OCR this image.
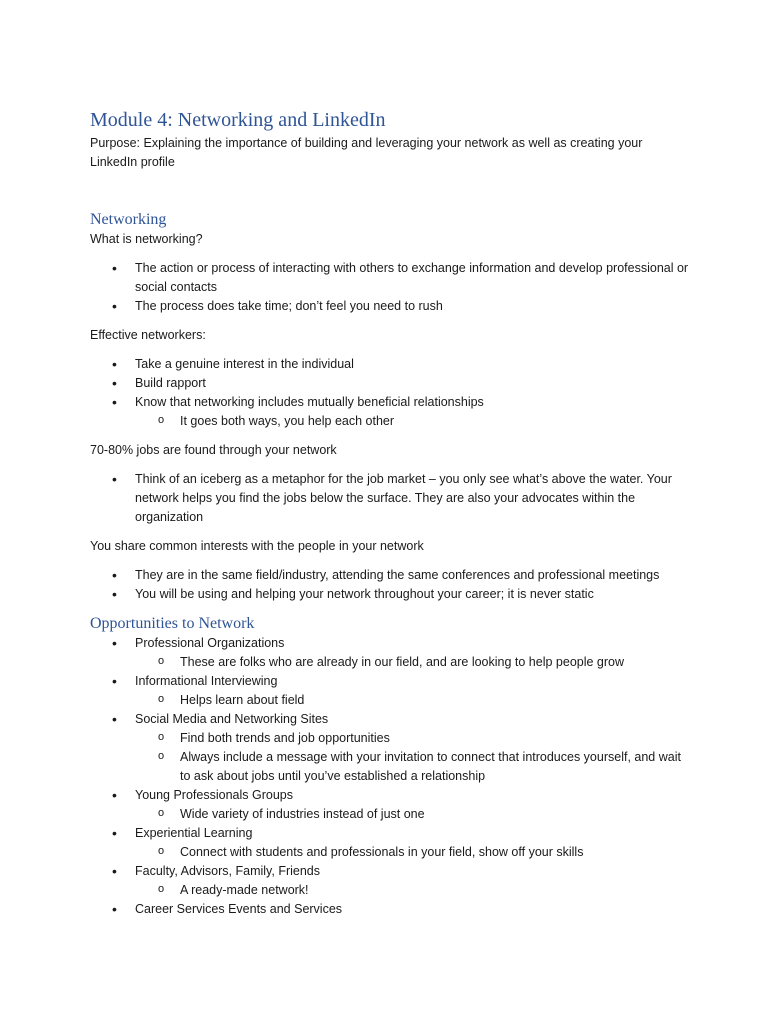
Module 4: Networking and LinkedIn

Purpose: Explaining the importance of building and leveraging your network as well as creating your LinkedIn profile

Networking

What is networking?

• The action or process of interacting with others to exchange information and develop professional or social contacts
• The process does take time; don’t feel you need to rush

Effective networkers:

• Take a genuine interest in the individual
• Build rapport
• Know that networking includes mutually beneficial relationships
o It goes both ways, you help each other

70-80% jobs are found through your network

• Think of an iceberg as a metaphor for the job market – you only see what’s above the water. Your network helps you find the jobs below the surface. They are also your advocates within the organization

You share common interests with the people in your network

• They are in the same field/industry, attending the same conferences and professional meetings
• You will be using and helping your network throughout your career; it is never static
Opportunities to Network
• Professional Organizations
o These are folks who are already in our field, and are looking to help people grow
• Informational Interviewing
o Helps learn about field
• Social Media and Networking Sites
o Find both trends and job opportunities
o Always include a message with your invitation to connect that introduces yourself, and wait to ask about jobs until you’ve established a relationship
• Young Professionals Groups
o Wide variety of industries instead of just one
• Experiential Learning
o Connect with students and professionals in your field, show off your skills
• Faculty, Advisors, Family, Friends
o A ready-made network!
• Career Services Events and Services
